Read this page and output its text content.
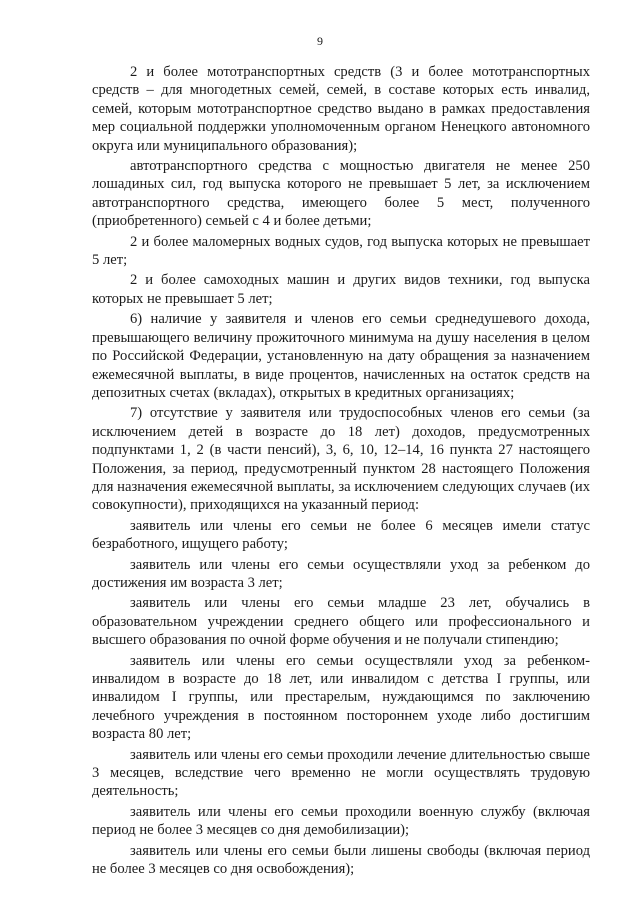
9

2 и более мототранспортных средств (3 и более мототранспортных средств – для многодетных семей, семей, в составе которых есть инвалид, семей, которым мототранспортное средство выдано в рамках предоставления мер социальной поддержки уполномоченным органом Ненецкого автономного округа или муниципального образования);

автотранспортного средства с мощностью двигателя не менее 250 лошадиных сил, год выпуска которого не превышает 5 лет, за исключением автотранспортного средства, имеющего более 5 мест, полученного (приобретенного) семьей с 4 и более детьми;

2 и более маломерных водных судов, год выпуска которых не превышает 5 лет;

2 и более самоходных машин и других видов техники, год выпуска которых не превышает 5 лет;

6) наличие у заявителя и членов его семьи среднедушевого дохода, превышающего величину прожиточного минимума на душу населения в целом по Российской Федерации, установленную на дату обращения за назначением ежемесячной выплаты, в виде процентов, начисленных на остаток средств на депозитных счетах (вкладах), открытых в кредитных организациях;

7) отсутствие у заявителя или трудоспособных членов его семьи (за исключением детей в возрасте до 18 лет) доходов, предусмотренных подпунктами 1, 2 (в части пенсий), 3, 6, 10, 12–14, 16 пункта 27 настоящего Положения, за период, предусмотренный пунктом 28 настоящего Положения для назначения ежемесячной выплаты, за исключением следующих случаев (их совокупности), приходящихся на указанный период:

заявитель или члены его семьи не более 6 месяцев имели статус безработного, ищущего работу;

заявитель или члены его семьи осуществляли уход за ребенком до достижения им возраста 3 лет;

заявитель или члены его семьи младше 23 лет, обучались в образовательном учреждении среднего общего или профессионального и высшего образования по очной форме обучения и не получали стипендию;

заявитель или члены его семьи осуществляли уход за ребенком-инвалидом в возрасте до 18 лет, или инвалидом с детства I группы, или инвалидом I группы, или престарелым, нуждающимся по заключению лечебного учреждения в постоянном постороннем уходе либо достигшим возраста 80 лет;

заявитель или члены его семьи проходили лечение длительностью свыше 3 месяцев, вследствие чего временно не могли осуществлять трудовую деятельность;

заявитель или члены его семьи проходили военную службу (включая период не более 3 месяцев со дня демобилизации);

заявитель или члены его семьи были лишены свободы (включая период не более 3 месяцев со дня освобождения);
